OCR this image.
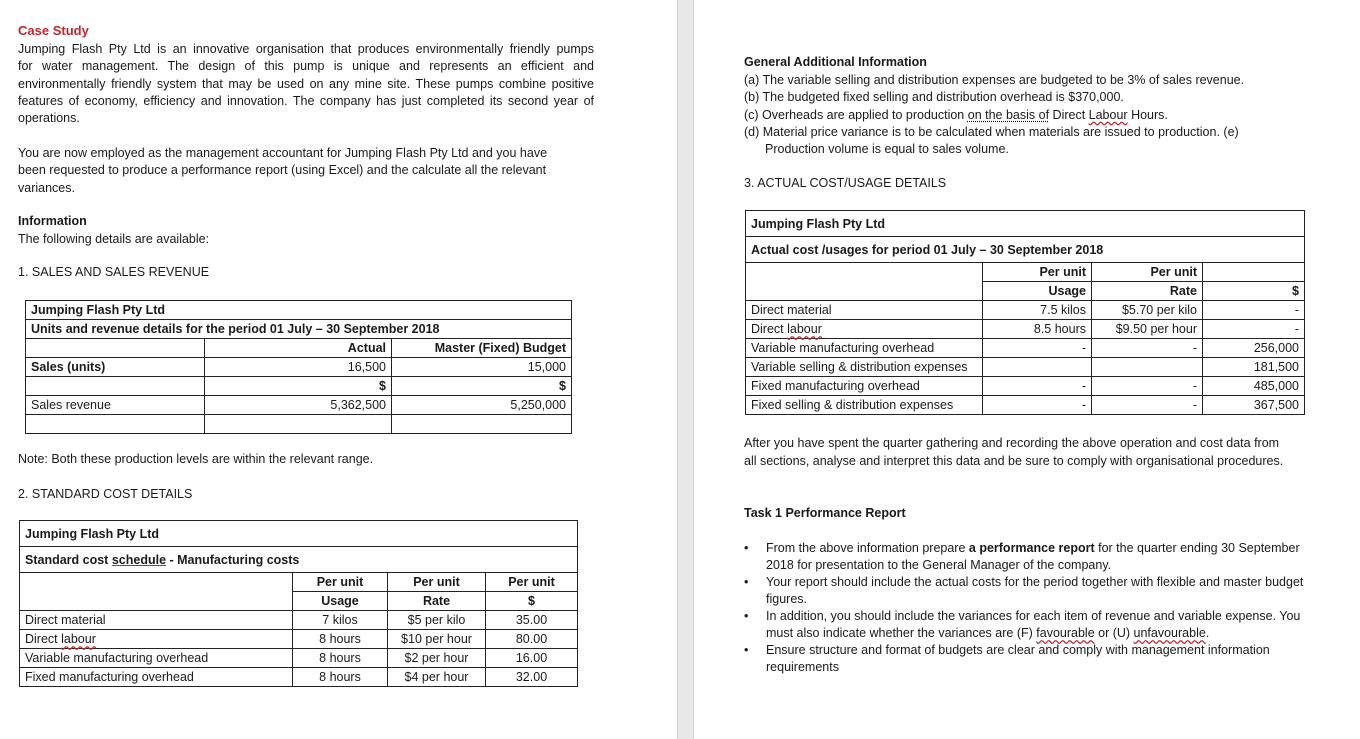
Case Study
Jumping Flash Pty Ltd is an innovative organisation that produces environmentally friendly pumps
for water management. The design of this pump is unique and represents an efficient and
environmentally friendly system that may be used on any mine site. These pumps combine positive
features of economy, efficiency and innovation. The company has just completed its second year of
operations.
You are now employed as the management accountant for Jumping Flash Pty Ltd and you have
been requested to produce a performance report (using Excel) and the calculate all the relevant
variances.
Information
The following details are available:
1. SALES AND SALES REVENUE
Jumping Flash Pty Ltd		
Units and revenue details for the period 01 July – 30 September 2018		
	Actual	Master (Fixed) Budget
Sales (units)	16,500	15,000
	$	$
Sales revenue	5,362,500	5,250,000

Note: Both these production levels are within the relevant range.
2. STANDARD COST DETAILS
Jumping Flash Pty Ltd			
Standard cost schedule - Manufacturing costs			
	Per unit	Per unit	Per unit
	Usage	Rate	$
Direct material	7 kilos	$5 per kilo	35.00
Direct labour	8 hours	$10 per hour	80.00
Variable manufacturing overhead	8 hours	$2 per hour	16.00
Fixed manufacturing overhead	8 hours	$4 per hour	32.00
General Additional Information
(a) The variable selling and distribution expenses are budgeted to be 3% of sales revenue.
(b) The budgeted fixed selling and distribution overhead is $370,000.
(c) Overheads are applied to production on the basis of Direct Labour Hours.
(d) Material price variance is to be calculated when materials are issued to production. (e)
Production volume is equal to sales volume.
3. ACTUAL COST/USAGE DETAILS
Jumping Flash Pty Ltd			
Actual cost /usages for period 01 July – 30 September 2018			
	Per unit	Per unit	
	Usage	Rate	$
Direct material	7.5 kilos	$5.70 per kilo	-
Direct labour	8.5 hours	$9.50 per hour	-
Variable manufacturing overhead	-	-	256,000
Variable selling & distribution expenses			181,500
Fixed manufacturing overhead	-	-	485,000
Fixed selling & distribution expenses	-	-	367,500
After you have spent the quarter gathering and recording the above operation and cost data from
all sections, analyse and interpret this data and be sure to comply with organisational procedures.
Task 1 Performance Report
• From the above information prepare a performance report for the quarter ending 30 September 2018 for presentation to the General Manager of the company.
• Your report should include the actual costs for the period together with flexible and master budget figures.
• In addition, you should include the variances for each item of revenue and variable expense. You must also indicate whether the variances are (F) favourable or (U) unfavourable.
• Ensure structure and format of budgets are clear and comply with management information requirements
